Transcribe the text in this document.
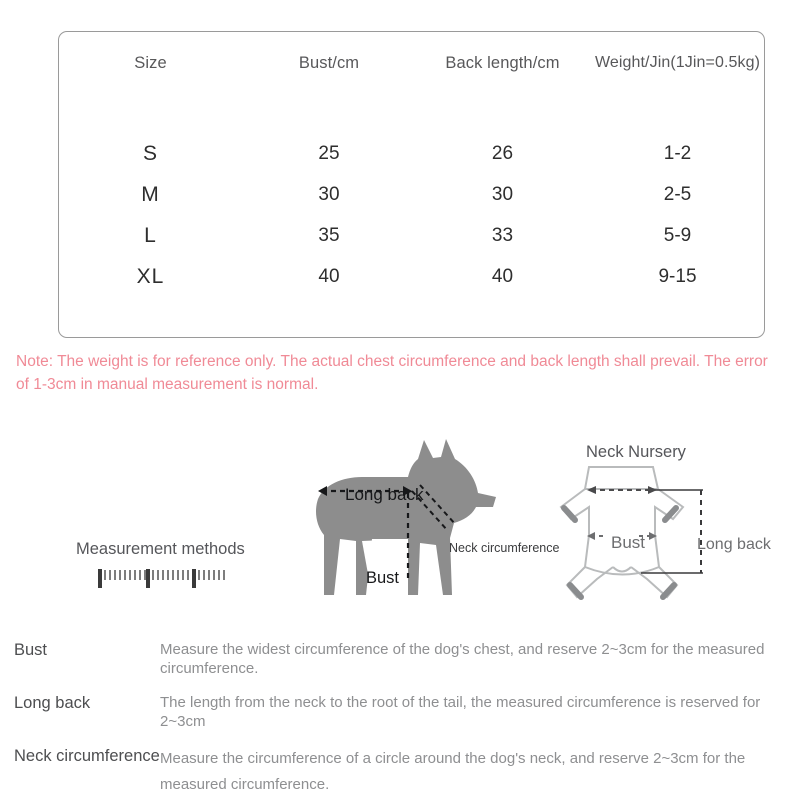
Size	Bust/cm	Back length/cm	Weight/Jin(1Jin=0.5kg)
S	25	26	1-2
M	30	30	2-5
L	35	33	5-9
XL	40	40	9-15
Note: The weight is for reference only. The actual chest circumference and back length shall prevail. The error of 1-3cm in manual measurement is normal.
Measurement methods
Neck Nursery
Long back
Bust
Neck circumference	Bust	Long back
Bust	Measure the widest circumference of the dog's chest, and reserve 2~3cm for the measured circumference.
Long back	The length from the neck to the root of the tail, the measured circumference is reserved for 2~3cm
Neck circumference Measure the circumference of a circle around the dog's neck, and reserve 2~3cm for the measured circumference.
